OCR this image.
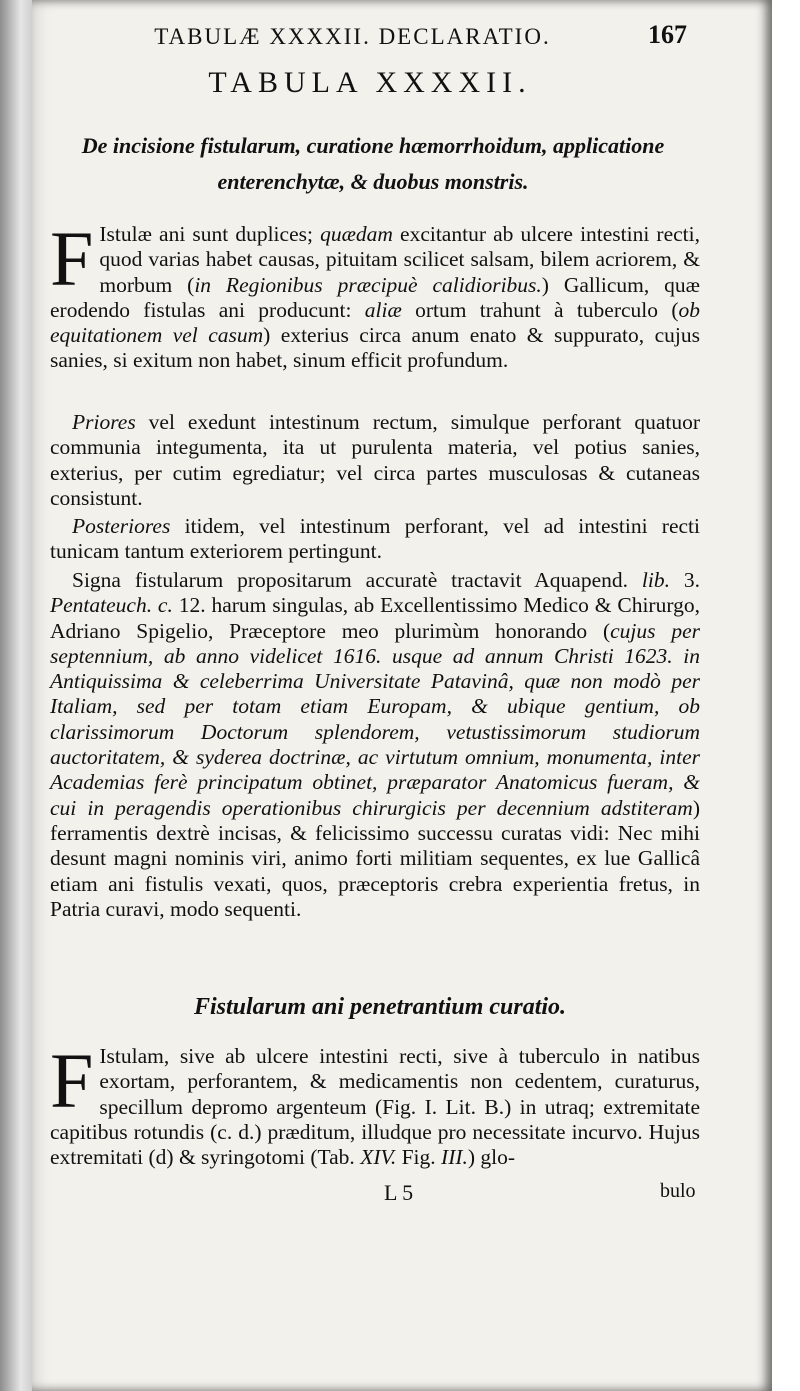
TABULÆ XXXXII. DECLARATIO.	167
TABULA XXXXII.
De incisione fistularum, curatione hæmorrhoidum, applicatione enterenchytæ, & duobus monstris.

F Istulæ ani sunt duplices; quædam excitantur ab ulcere intestini recti, quod varias habet causas, pituitam scilicet salsam, bilem acriorem, & morbum (in Regionibus præcipuè calidioribus.) Gallicum, quæ erodendo fistulas ani producunt: aliæ ortum trahunt à tuberculo (ob equitationem vel casum) exterius circa anum enato & suppurato, cujus sanies, si exitum non habet, sinum efficit profundum.

Priores vel exedunt intestinum rectum, simulque perforant quatuor communia integumenta, ita ut purulenta materia, vel potius sanies, exterius, per cutim egrediatur; vel circa partes musculosas & cutaneas consistunt.

Posteriores itidem, vel intestinum perforant, vel ad intestini recti tunicam tantum exteriorem pertingunt.

Signa fistularum propositarum accuratè tractavit Aquapend. lib. 3. Pentateuch. c. 12. harum singulas, ab Excellentissimo Medico & Chirurgo, Adriano Spigelio, Præceptore meo plurimùm honorando (cujus per septennium, ab anno videlicet 1616. usque ad annum Christi 1623. in Antiquissima & celeberrima Universitate Patavinâ, quæ non modò per Italiam, sed per totam etiam Europam, & ubique gentium, ob clarissimorum Doctorum splendorem, vetustissimorum studiorum auctoritatem, & syderea doctrinæ, ac virtutum omnium, monumenta, inter Academias ferè principatum obtinet, præparator Anatomicus fueram, & cui in peragendis operationibus chirurgicis per decennium adstiteram) ferramentis dextrè incisas, & felicissimo successu curatas vidi: Nec mihi desunt magni nominis viri, animo forti militiam sequentes, ex lue Gallicâ etiam ani fistulis vexati, quos, præceptoris crebra experientia fretus, in Patria curavi, modo sequenti.

Fistularum ani penetrantium curatio.

F Istulam, sive ab ulcere intestini recti, sive à tuberculo in natibus exortam, perforantem, & medicamentis non cedentem, curaturus, specillum depromo argenteum (Fig. I. Lit. B.) in utraq; extremitate capitibus rotundis (c. d.) præditum, illudque pro necessitate incurvo. Hujus extremitati (d) & syringotomi (Tab. XIV. Fig. III.) glo-

L 5	bulo
